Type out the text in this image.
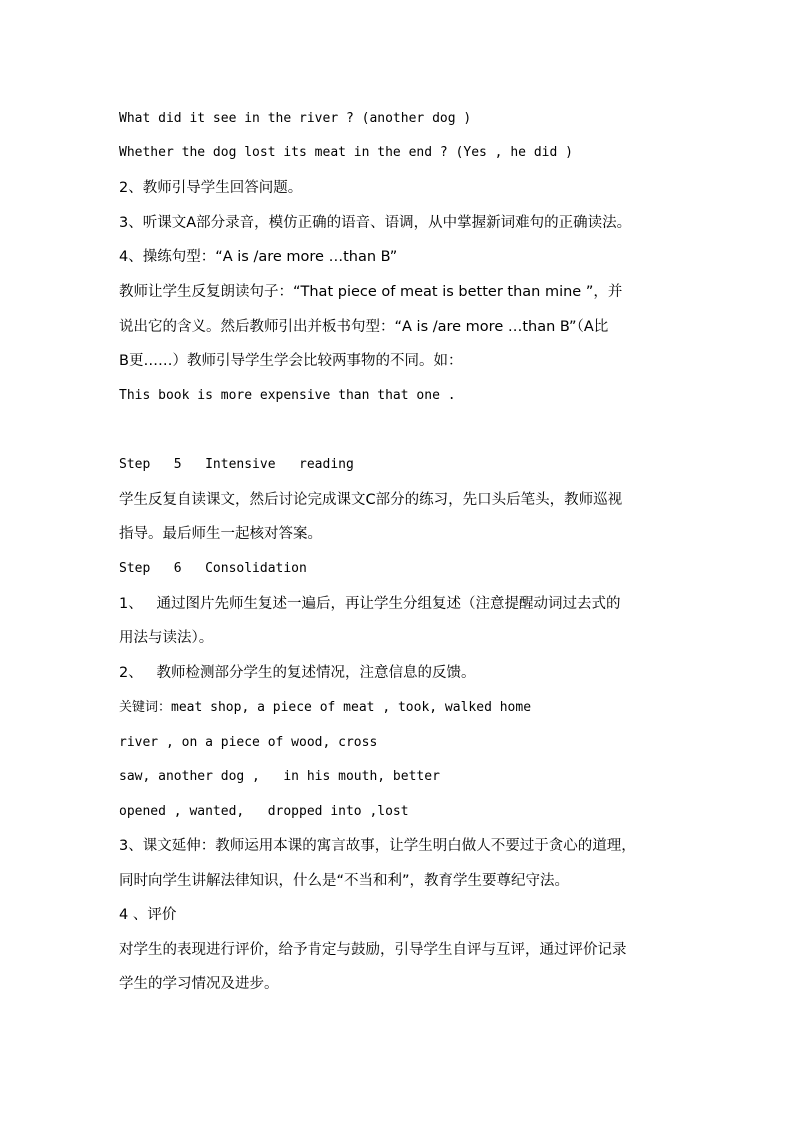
What did it see in the river ? (another dog )
Whether the dog lost its meat in the end ? (Yes , he did )
2、教师引导学生回答问题。
3、听课文A部分录音，模仿正确的语音、语调，从中掌握新词难句的正确读法。
4、操练句型：“A is /are more …than B”
教师让学生反复朗读句子：“That piece of meat is better than mine ”，并
说出它的含义。然后教师引出并板书句型：“A is /are more …than B”（A比
B更……）教师引导学生学会比较两事物的不同。如：
This book is more expensive than that one .

Step   5   Intensive   reading
学生反复自读课文，然后讨论完成课文C部分的练习，先口头后笔头，教师巡视
指导。最后师生一起核对答案。
Step   6   Consolidation
1、   通过图片先师生复述一遍后，再让学生分组复述（注意提醒动词过去式的
用法与读法）。
2、   教师检测部分学生的复述情况，注意信息的反馈。
关键词：meat shop, a piece of meat , took, walked home
river , on a piece of wood, cross
saw, another dog ,   in his mouth, better
opened , wanted,   dropped into ,lost
3、课文延伸：教师运用本课的寓言故事，让学生明白做人不要过于贪心的道理，
同时向学生讲解法律知识，什么是“不当和利”，教育学生要尊纪守法。
4 、评价
对学生的表现进行评价，给予肯定与鼓励，引导学生自评与互评，通过评价记录
学生的学习情况及进步。
